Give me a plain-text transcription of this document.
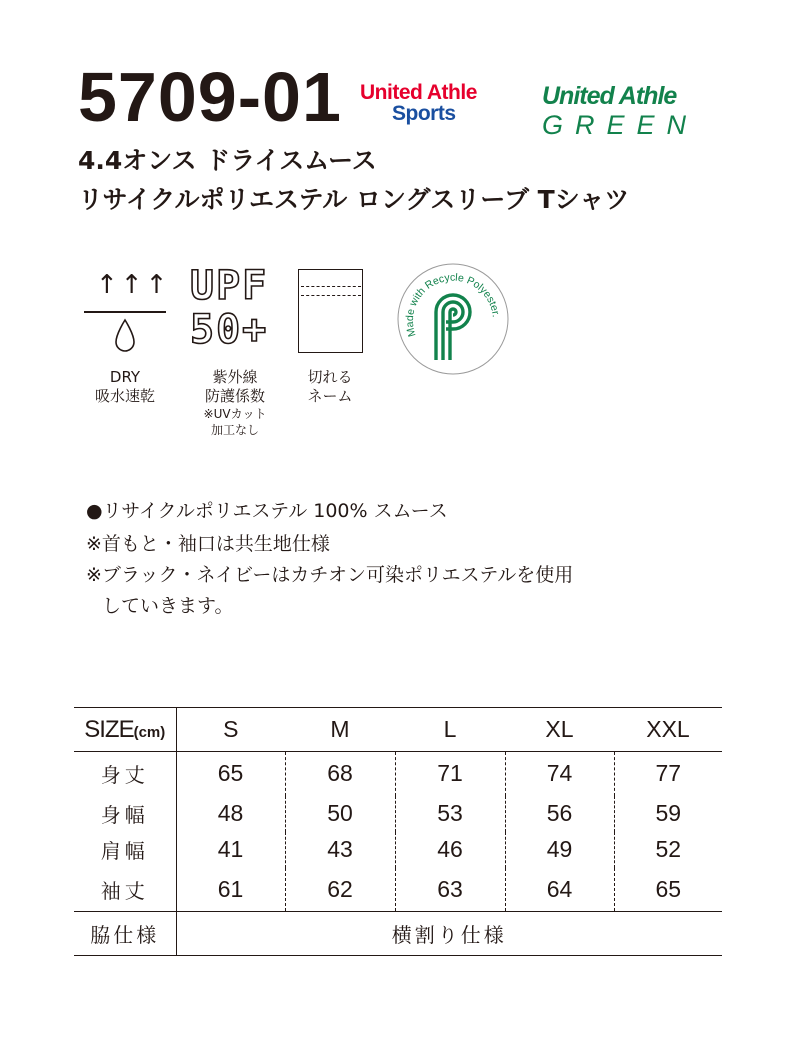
5709-01 United Athle
Sports
United Athle
GREEN
4.4オンス ドライスムース
リサイクルポリエステル ロングスリーブ Tシャツ
↑↑↑
DRY
吸水速乾
UPF
50+
紫外線
防護係数
※UVカット
加工なし
切れる
ネーム
Made with Recycle Polyester.
●リサイクルポリエステル 100% スムース
※首もと・袖口は共生地仕様
※ブラック・ネイビーはカチオン可染ポリエステルを使用
していきます。
SIZE(cm)	S	M	L	XL	XXL
身丈	65	68	71	74	77
身幅	48	50	53	56	59
肩幅	41	43	46	49	52
袖丈	61	62	63	64	65
脇仕様	横割り仕様				
